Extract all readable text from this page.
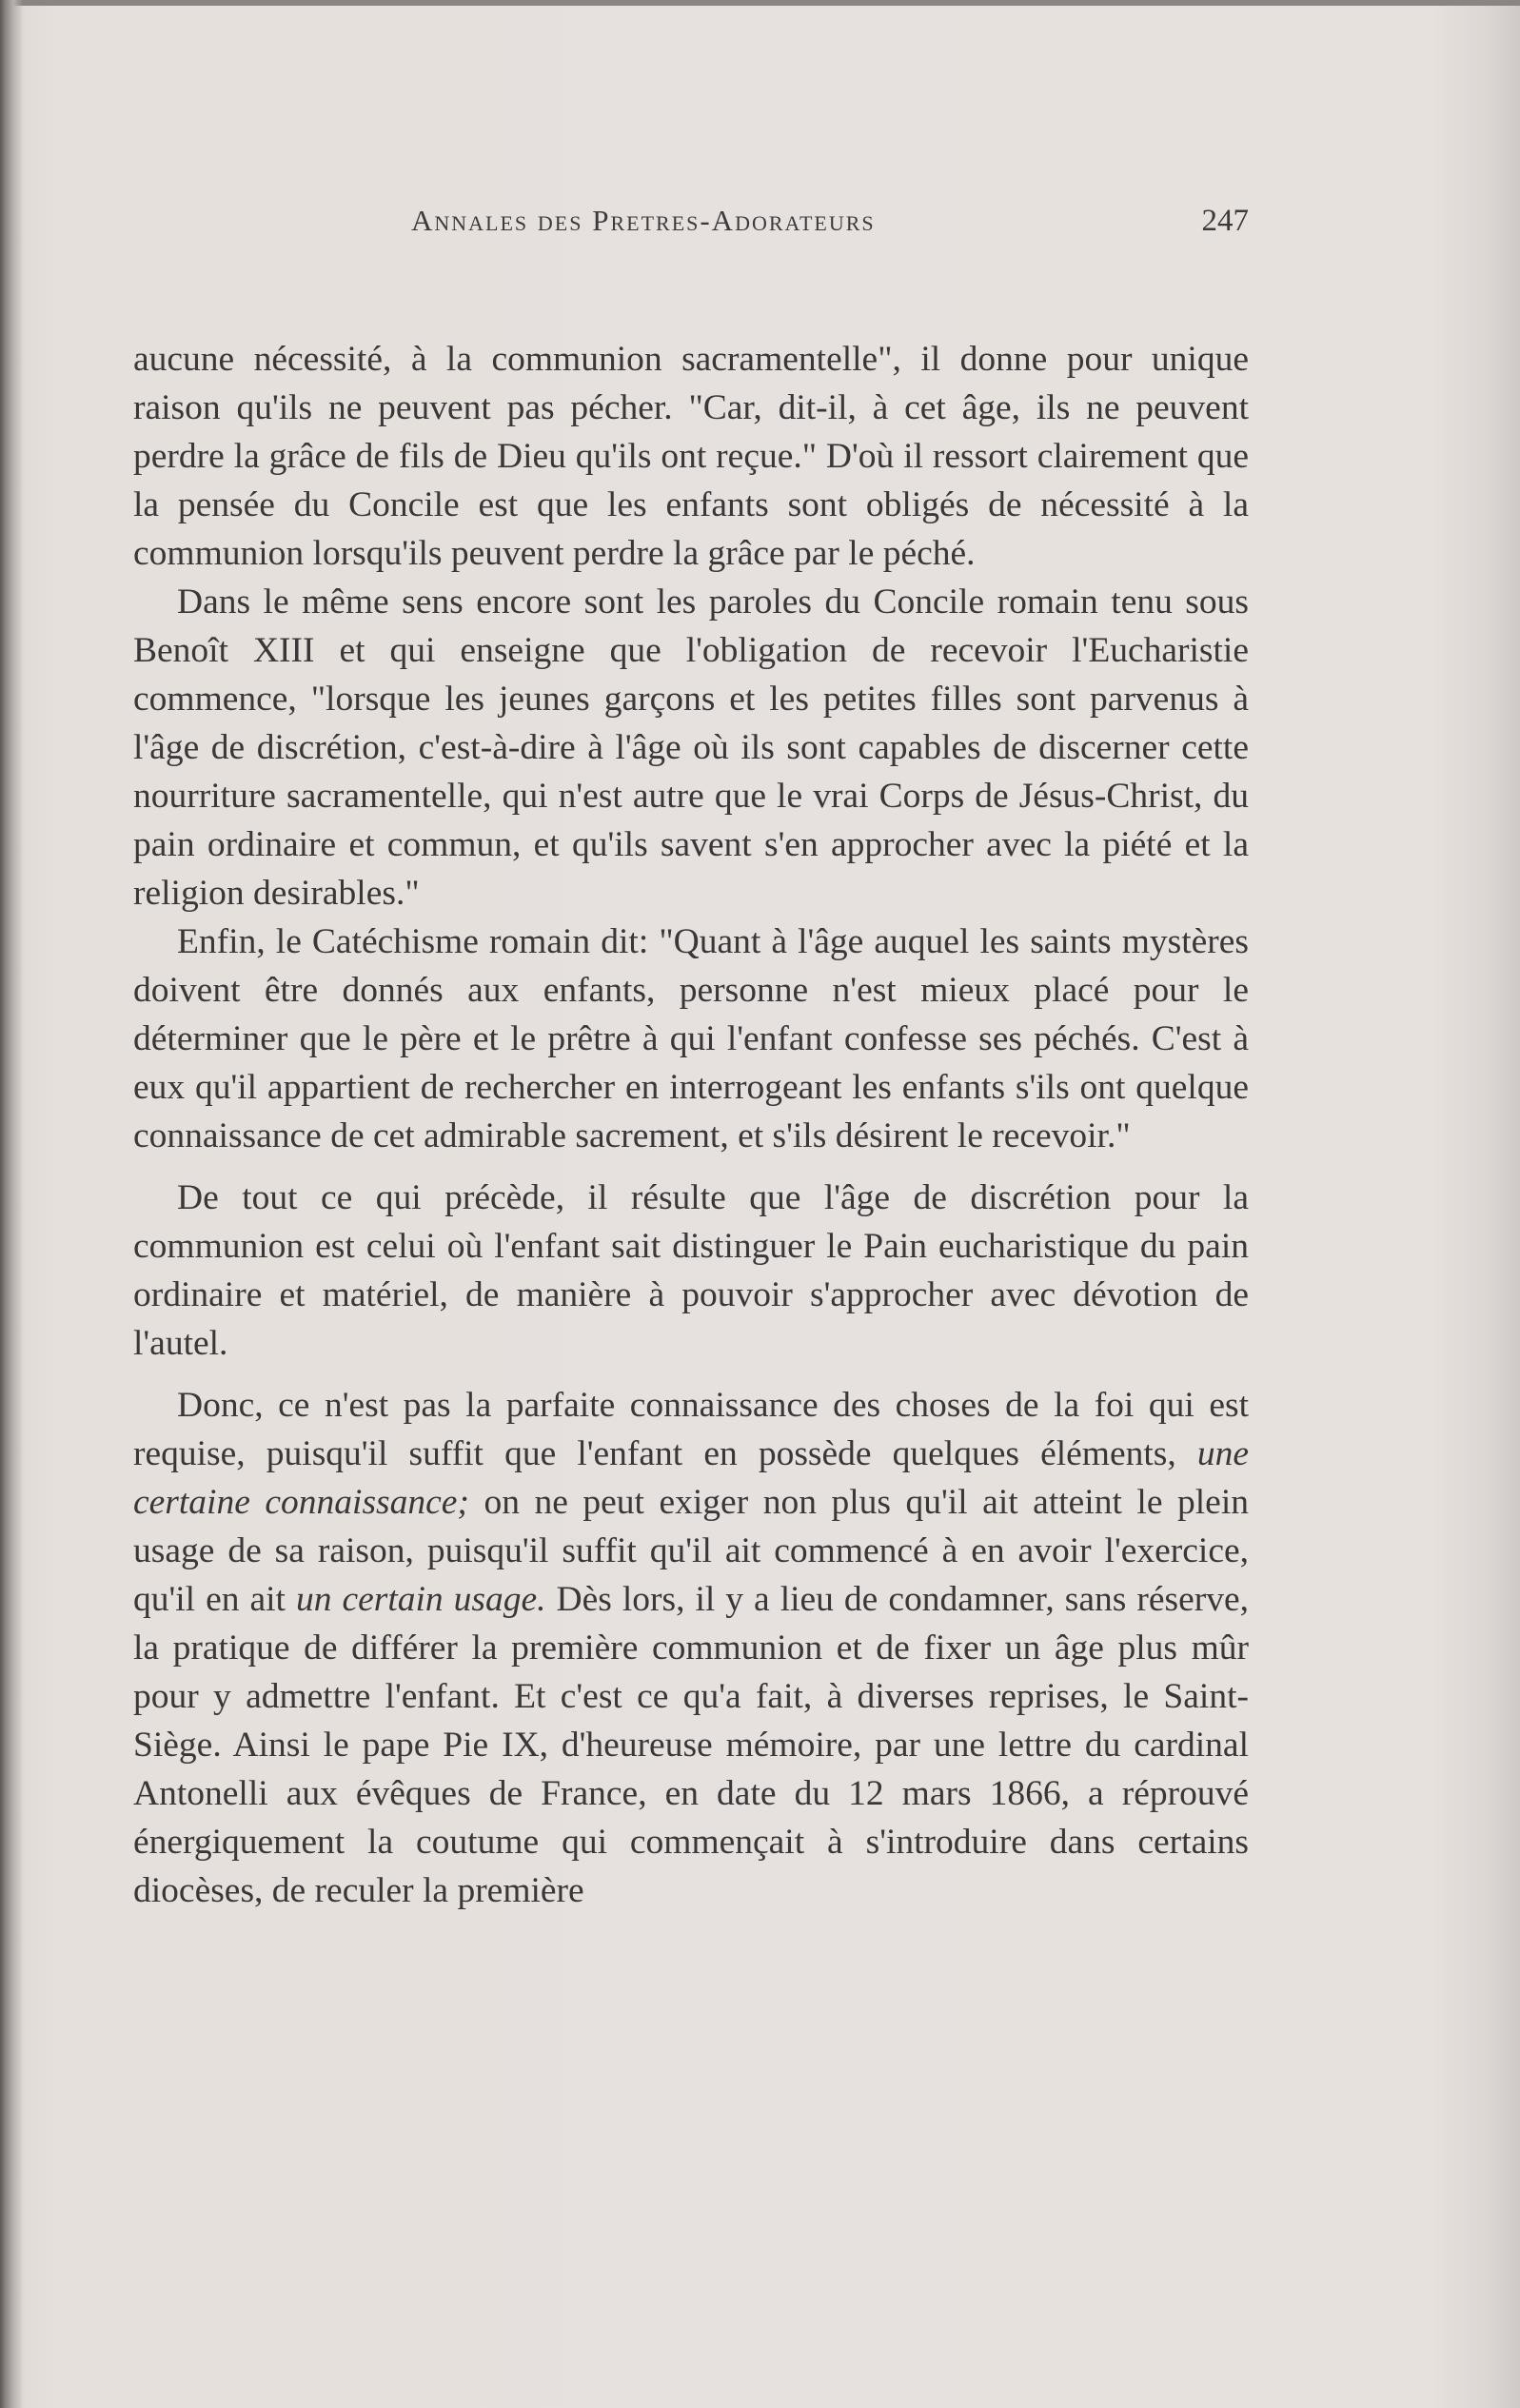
Annales des Pretres-Adorateurs	247

aucune nécessité, à la communion sacramentelle", il donne pour unique raison qu'ils ne peuvent pas pécher. "Car, dit-il, à cet âge, ils ne peuvent perdre la grâce de fils de Dieu qu'ils ont reçue." D'où il ressort clairement que la pensée du Concile est que les enfants sont obligés de nécessité à la communion lorsqu'ils peuvent perdre la grâce par le péché.

Dans le même sens encore sont les paroles du Concile romain tenu sous Benoît XIII et qui enseigne que l'obligation de recevoir l'Eucharistie commence, "lorsque les jeunes garçons et les petites filles sont parvenus à l'âge de discrétion, c'est-à-dire à l'âge où ils sont capables de discerner cette nourriture sacramentelle, qui n'est autre que le vrai Corps de Jésus-Christ, du pain ordinaire et commun, et qu'ils savent s'en approcher avec la piété et la religion desirables."

Enfin, le Catéchisme romain dit: "Quant à l'âge auquel les saints mystères doivent être donnés aux enfants, personne n'est mieux placé pour le déterminer que le père et le prêtre à qui l'enfant confesse ses péchés. C'est à eux qu'il appartient de rechercher en interrogeant les enfants s'ils ont quelque connaissance de cet admirable sacrement, et s'ils désirent le recevoir."

De tout ce qui précède, il résulte que l'âge de discrétion pour la communion est celui où l'enfant sait distinguer le Pain eucharistique du pain ordinaire et matériel, de manière à pouvoir s'approcher avec dévotion de l'autel.

Donc, ce n'est pas la parfaite connaissance des choses de la foi qui est requise, puisqu'il suffit que l'enfant en possède quelques éléments, une certaine connaissance; on ne peut exiger non plus qu'il ait atteint le plein usage de sa raison, puisqu'il suffit qu'il ait commencé à en avoir l'exercice, qu'il en ait un certain usage. Dès lors, il y a lieu de condamner, sans réserve, la pratique de différer la première communion et de fixer un âge plus mûr pour y admettre l'enfant. Et c'est ce qu'a fait, à diverses reprises, le Saint-Siège. Ainsi le pape Pie IX, d'heureuse mémoire, par une lettre du cardinal Antonelli aux évêques de France, en date du 12 mars 1866, a réprouvé énergiquement la coutume qui commençait à s'introduire dans certains diocèses, de reculer la première
